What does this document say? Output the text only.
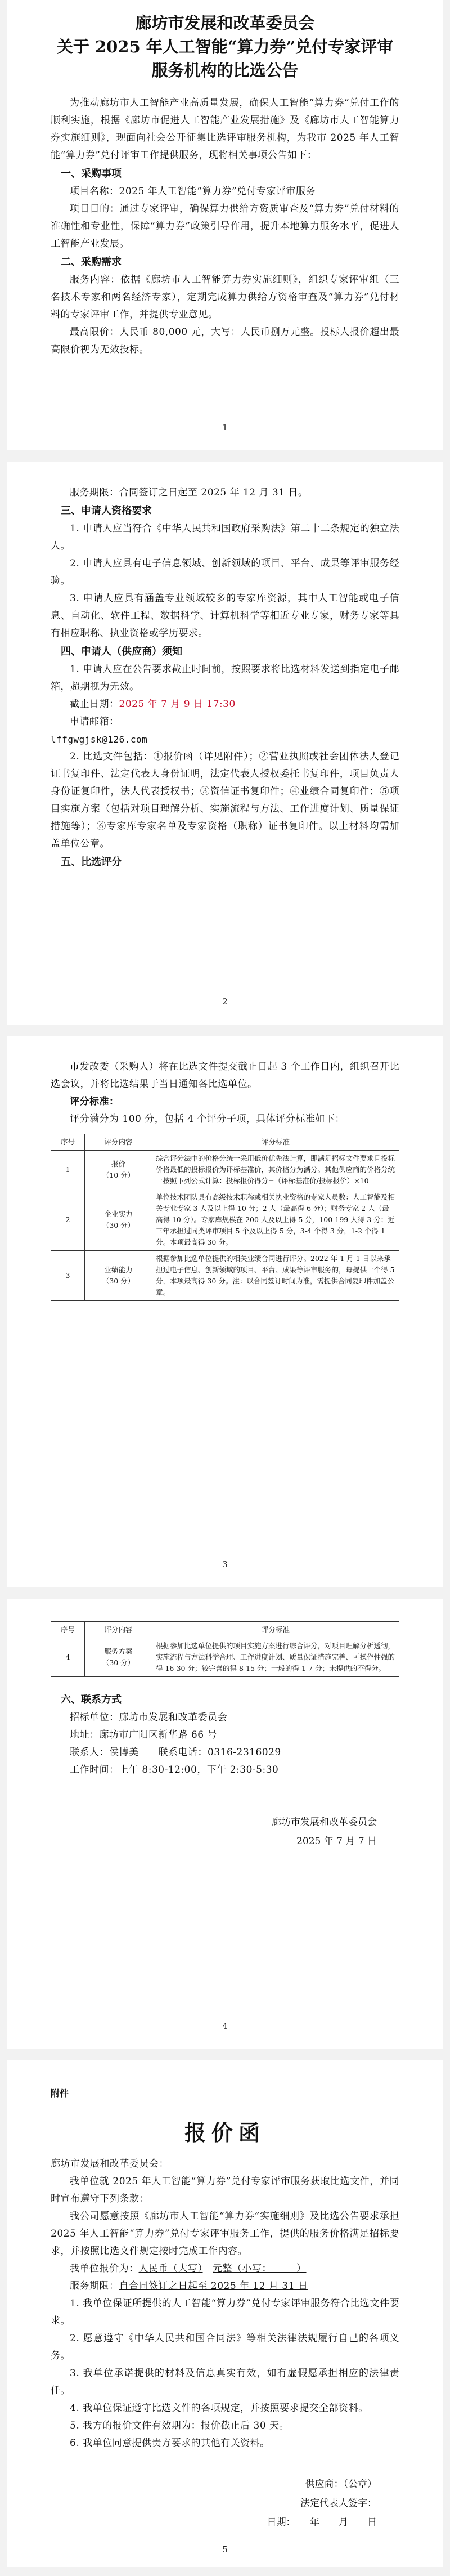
廊坊市发展和改革委员会
关于 2025 年人工智能“算力券”兑付专家评审
服务机构的比选公告

为推动廊坊市人工智能产业高质量发展，确保人工智能“算力券”兑付工作的顺利实施，根据《廊坊市促进人工智能产业发展措施》及《廊坊市人工智能算力券实施细则》，现面向社会公开征集比选评审服务机构，为我市 2025 年人工智能“算力券”兑付评审工作提供服务，现将相关事项公告如下：

一、采购事项

项目名称：2025 年人工智能“算力券”兑付专家评审服务

项目目的：通过专家评审，确保算力供给方资质审查及“算力券”兑付材料的准确性和专业性，保障“算力券”政策引导作用，提升本地算力服务水平，促进人工智能产业发展。

二、采购需求

服务内容：依据《廊坊市人工智能算力券实施细则》，组织专家评审组（三名技术专家和两名经济专家），定期完成算力供给方资格审查及“算力券”兑付材料的专家评审工作，并提供专业意见。

最高限价：人民币 80,000 元，大写：人民币捌万元整。投标人报价超出最高限价视为无效投标。

1

服务期限：合同签订之日起至 2025 年 12 月 31 日。

三、申请人资格要求

1. 申请人应当符合《中华人民共和国政府采购法》第二十二条规定的独立法人。

2. 申请人应具有电子信息领域、创新领域的项目、平台、成果等评审服务经验。

3. 申请人应具有涵盖专业领域较多的专家库资源，其中人工智能或电子信息、自动化、软件工程、数据科学、计算机科学等相近专业专家，财务专家等具有相应职称、执业资格或学历要求。

四、申请人（供应商）须知

1. 申请人应在公告要求截止时间前，按照要求将比选材料发送到指定电子邮箱，超期视为无效。

截止日期：2025 年 7 月 9 日 17:30

申请邮箱：

lffgwgjsk@126.com

2. 比选文件包括：①报价函（详见附件）；②营业执照或社会团体法人登记证书复印件、法定代表人身份证明，法定代表人授权委托书复印件，项目负责人身份证复印件，法人代表授权书；③资信证书复印件；④业绩合同复印件；⑤项目实施方案（包括对项目理解分析、实施流程与方法、工作进度计划、质量保证措施等）；⑥专家库专家名单及专家资格（职称）证书复印件。以上材料均需加盖单位公章。

五、比选评分

2

市发改委（采购人）将在比选文件提交截止日起 3 个工作日内，组织召开比选会议，并将比选结果于当日通知各比选单位。

评分标准：

评分满分为 100 分，包括 4 个评分子项，具体评分标准如下：

序号	评分内容	评分标准
1	报价
（10 分）	综合评分法中的价格分统一采用低价优先法计算，即满足招标文件要求且投标价格最低的投标报价为评标基准价，其价格分为满分。其他供应商的价格分统一按照下列公式计算：投标报价得分=（评标基准价/投标报价）×10
2	企业实力
（30 分）	单位技术团队具有高级技术职称或相关执业资格的专家人员数：人工智能及相关专业专家 3 人及以上得 10 分；2 人（最高得 6 分）；财务专家 2 人（最高得 10 分）。专家库规模在 200 人及以上得 5 分，100-199 人得 3 分；近三年承担过同类评审项目 5 个及以上得 5 分，3-4 个得 3 分，1-2 个得 1 分。本项最高得 30 分。
3	业绩能力
（30 分）	根据参加比选单位提供的相关业绩合同进行评分。2022 年 1 月 1 日以来承担过电子信息、创新领域的项目、平台、成果等评审服务的，每提供一个得 5 分，本项最高得 30 分。注：以合同签订时间为准，需提供合同复印件加盖公章。
3
序号	评分内容	评分标准
4	服务方案
（30 分）	根据参加比选单位提供的项目实施方案进行综合评分，对项目理解分析透彻，实施流程与方法科学合理、工作进度计划、质量保证措施完善、可操作性强的得 16-30 分；较完善的得 8-15 分；一般的得 1-7 分；未提供的不得分。

六、联系方式

招标单位：廊坊市发展和改革委员会

地址：廊坊市广阳区新华路 66 号

联系人：侯博美　　联系电话：0316-2316029

工作时间：上午 8:30-12:00，下午 2:30-5:30

廊坊市发展和改革委员会

2025 年 7 月 7 日

4

附件

报价函

廊坊市发展和改革委员会：

我单位就 2025 年人工智能“算力券”兑付专家评审服务获取比选文件，并同时宣布遵守下列条款：

我公司愿意按照《廊坊市人工智能“算力券”实施细则》及比选公告要求承担 2025 年人工智能“算力券”兑付专家评审服务工作，提供的服务价格满足招标要求，并按照比选文件规定按时完成工作内容。

我单位报价为：人民币（大写）　 元整（小写：　　　）

服务期限：自合同签订之日起至 2025 年 12 月 31 日

1. 我单位保证所提供的人工智能“算力券”兑付专家评审服务符合比选文件要求。

2. 愿意遵守《中华人民共和国合同法》等相关法律法规履行自己的各项义务。

3. 我单位承诺提供的材料及信息真实有效，如有虚假愿承担相应的法律责任。

4. 我单位保证遵守比选文件的各项规定，并按照要求提交全部资料。

5. 我方的报价文件有效期为：报价截止后 30 天。

6. 我单位同意提供贵方要求的其他有关资料。

供应商：（公章）

法定代表人签字：

日期：　　年　　月　　日

5
